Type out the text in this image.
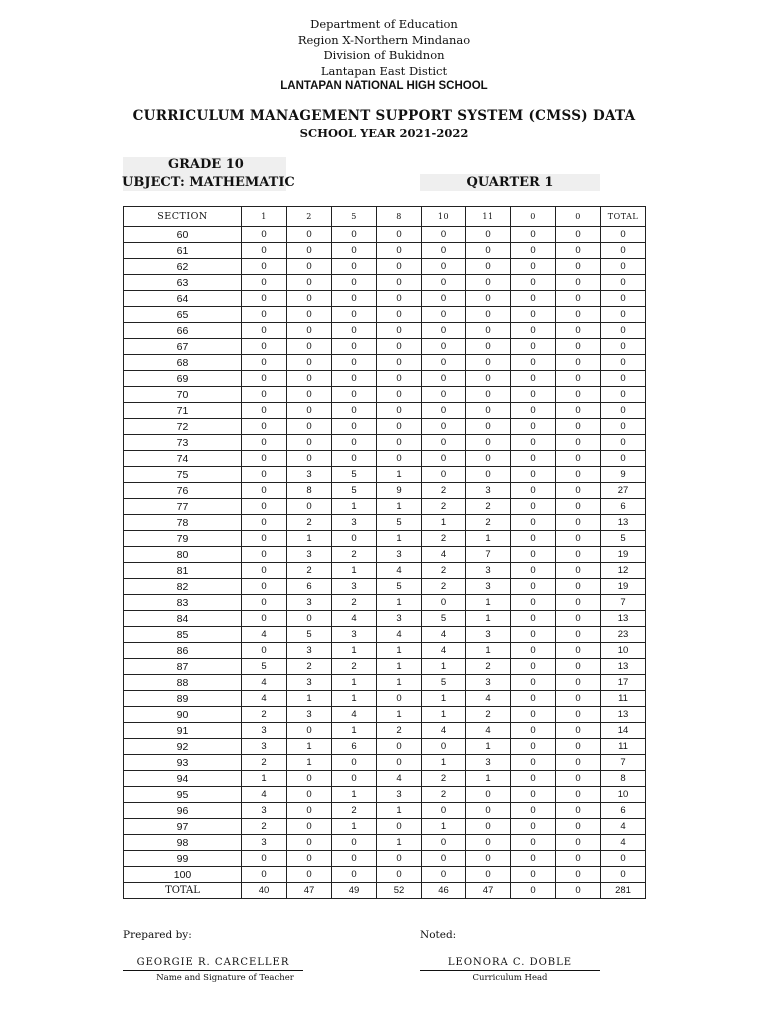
Department of Education
Region X-Northern Mindanao
Division of Bukidnon
Lantapan East Distict
LANTAPAN NATIONAL HIGH SCHOOL
CURRICULUM MANAGEMENT SUPPORT SYSTEM (CMSS) DATA
SCHOOL YEAR 2021-2022
GRADE 10
UBJECT: MATHEMATIC	QUARTER 1
SECTION	1	2	5	8	10	11	0	0	TOTAL
60	0	0	0	0	0	0	0	0	0
61	0	0	0	0	0	0	0	0	0
62	0	0	0	0	0	0	0	0	0
63	0	0	0	0	0	0	0	0	0
64	0	0	0	0	0	0	0	0	0
65	0	0	0	0	0	0	0	0	0
66	0	0	0	0	0	0	0	0	0
67	0	0	0	0	0	0	0	0	0
68	0	0	0	0	0	0	0	0	0
69	0	0	0	0	0	0	0	0	0
70	0	0	0	0	0	0	0	0	0
71	0	0	0	0	0	0	0	0	0
72	0	0	0	0	0	0	0	0	0
73	0	0	0	0	0	0	0	0	0
74	0	0	0	0	0	0	0	0	0
75	0	3	5	1	0	0	0	0	9
76	0	8	5	9	2	3	0	0	27
77	0	0	1	1	2	2	0	0	6
78	0	2	3	5	1	2	0	0	13
79	0	1	0	1	2	1	0	0	5
80	0	3	2	3	4	7	0	0	19
81	0	2	1	4	2	3	0	0	12
82	0	6	3	5	2	3	0	0	19
83	0	3	2	1	0	1	0	0	7
84	0	0	4	3	5	1	0	0	13
85	4	5	3	4	4	3	0	0	23
86	0	3	1	1	4	1	0	0	10
87	5	2	2	1	1	2	0	0	13
88	4	3	1	1	5	3	0	0	17
89	4	1	1	0	1	4	0	0	11
90	2	3	4	1	1	2	0	0	13
91	3	0	1	2	4	4	0	0	14
92	3	1	6	0	0	1	0	0	11
93	2	1	0	0	1	3	0	0	7
94	1	0	0	4	2	1	0	0	8
95	4	0	1	3	2	0	0	0	10
96	3	0	2	1	0	0	0	0	6
97	2	0	1	0	1	0	0	0	4
98	3	0	0	1	0	0	0	0	4
99	0	0	0	0	0	0	0	0	0
100	0	0	0	0	0	0	0	0	0
TOTAL	40	47	49	52	46	47	0	0	281
Prepared by:	Noted:
GEORGIE R. CARCELLER
Name and Signature of Teacher
LEONORA C. DOBLE
Curriculum Head
